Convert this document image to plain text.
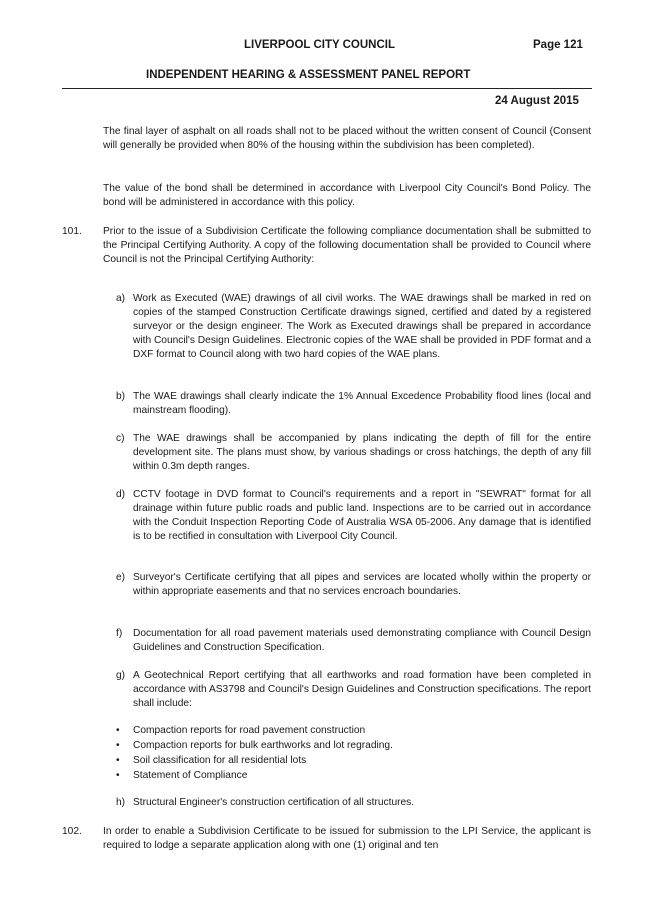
LIVERPOOL CITY COUNCIL	Page 121
INDEPENDENT HEARING & ASSESSMENT PANEL REPORT
24 August 2015

The final layer of asphalt on all roads shall not to be placed without the written consent of Council (Consent will generally be provided when 80% of the housing within the subdivision has been completed).

The value of the bond shall be determined in accordance with Liverpool City Council's Bond Policy. The bond will be administered in accordance with this policy.

101. Prior to the issue of a Subdivision Certificate the following compliance documentation shall be submitted to the Principal Certifying Authority. A copy of the following documentation shall be provided to Council where Council is not the Principal Certifying Authority:

a) Work as Executed (WAE) drawings of all civil works. The WAE drawings shall be marked in red on copies of the stamped Construction Certificate drawings signed, certified and dated by a registered surveyor or the design engineer. The Work as Executed drawings shall be prepared in accordance with Council's Design Guidelines. Electronic copies of the WAE shall be provided in PDF format and a DXF format to Council along with two hard copies of the WAE plans.

b) The WAE drawings shall clearly indicate the 1% Annual Excedence Probability flood lines (local and mainstream flooding).

c) The WAE drawings shall be accompanied by plans indicating the depth of fill for the entire development site. The plans must show, by various shadings or cross hatchings, the depth of any fill within 0.3m depth ranges.

d) CCTV footage in DVD format to Council's requirements and a report in "SEWRAT" format for all drainage within future public roads and public land. Inspections are to be carried out in accordance with the Conduit Inspection Reporting Code of Australia WSA 05-2006. Any damage that is identified is to be rectified in consultation with Liverpool City Council.

e) Surveyor's Certificate certifying that all pipes and services are located wholly within the property or within appropriate easements and that no services encroach boundaries.

f) Documentation for all road pavement materials used demonstrating compliance with Council Design Guidelines and Construction Specification.

g) A Geotechnical Report certifying that all earthworks and road formation have been completed in accordance with AS3798 and Council's Design Guidelines and Construction specifications. The report shall include:

• Compaction reports for road pavement construction
• Compaction reports for bulk earthworks and lot regrading.
• Soil classification for all residential lots
• Statement of Compliance
h) Structural Engineer's construction certification of all structures.

102. In order to enable a Subdivision Certificate to be issued for submission to the LPI Service, the applicant is required to lodge a separate application along with one (1) original and ten
